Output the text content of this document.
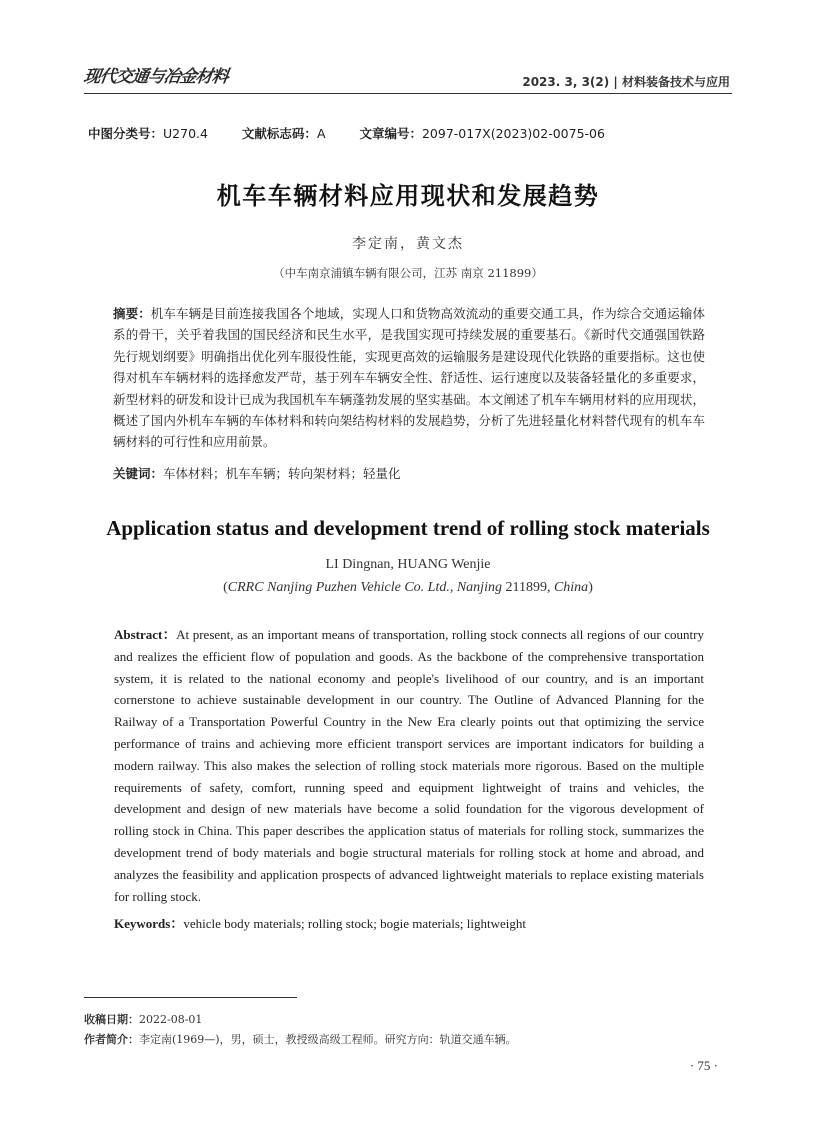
现代交通与冶金材料	2023. 3, 3(2) | 材料装备技术与应用
中图分类号：U270.4	文献标志码：A	文章编号：2097-017X(2023)02-0075-06
机车车辆材料应用现状和发展趋势
李定南，黄文杰
（中车南京浦镇车辆有限公司，江苏 南京 211899）
摘要：机车车辆是目前连接我国各个地域，实现人口和货物高效流动的重要交通工具，作为综合交通运输体系的骨干，关乎着我国的国民经济和民生水平，是我国实现可持续发展的重要基石。《新时代交通强国铁路先行规划纲要》明确指出优化列车服役性能，实现更高效的运输服务是建设现代化铁路的重要指标。这也使得对机车车辆材料的选择愈发严苛，基于列车车辆安全性、舒适性、运行速度以及装备轻量化的多重要求，新型材料的研发和设计已成为我国机车车辆蓬勃发展的坚实基础。本文阐述了机车车辆用材料的应用现状，概述了国内外机车车辆的车体材料和转向架结构材料的发展趋势，分析了先进轻量化材料替代现有的机车车辆材料的可行性和应用前景。
关键词：车体材料；机车车辆；转向架材料；轻量化
Application status and development trend of rolling stock materials
LI Dingnan, HUANG Wenjie
(CRRC Nanjing Puzhen Vehicle Co. Ltd., Nanjing 211899, China)
Abstract：At present, as an important means of transportation, rolling stock connects all regions of our country and realizes the efficient flow of population and goods. As the backbone of the comprehensive transportation system, it is related to the national economy and people's livelihood of our country, and is an important cornerstone to achieve sustainable development in our country. The Outline of Advanced Planning for the Railway of a Transportation Powerful Country in the New Era clearly points out that optimizing the service performance of trains and achieving more efficient transport services are important indicators for building a modern railway. This also makes the selection of rolling stock materials more rigorous. Based on the multiple requirements of safety, comfort, running speed and equipment lightweight of trains and vehicles, the development and design of new materials have become a solid foundation for the vigorous development of rolling stock in China. This paper describes the application status of materials for rolling stock, summarizes the development trend of body materials and bogie structural materials for rolling stock at home and abroad, and analyzes the feasibility and application prospects of advanced lightweight materials to replace existing materials for rolling stock.
Keywords：vehicle body materials; rolling stock; bogie materials; lightweight
收稿日期：2022-08-01
作者简介：李定南(1969—)，男，硕士，教授级高级工程师。研究方向：轨道交通车辆。
· 75 ·
